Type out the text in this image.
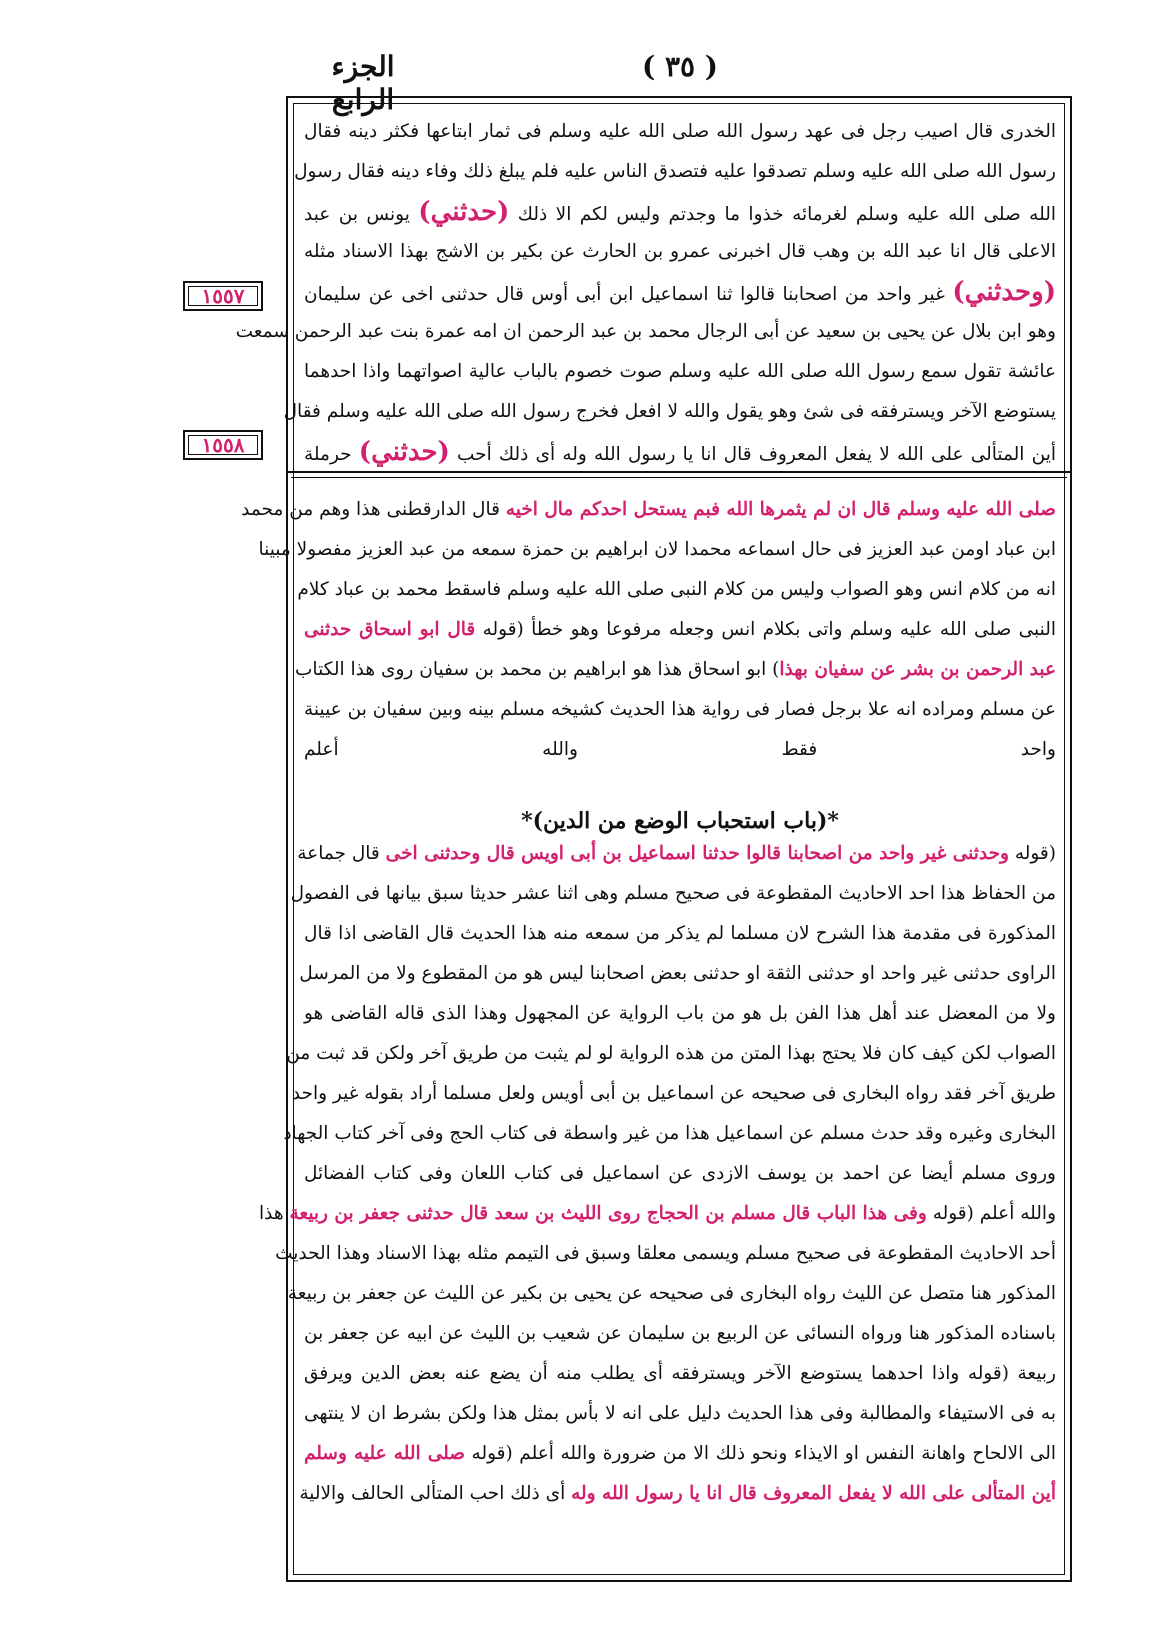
الجزء الرابع
( ٣٥ )
١٥٥٧
١٥٥٨
الخدرى قال اصيب رجل فى عهد رسول الله صلى الله عليه وسلم فى ثمار ابتاعها فكثر دينه فقال
رسول الله صلى الله عليه وسلم تصدقوا عليه فتصدق الناس عليه فلم يبلغ ذلك وفاء دينه فقال رسول
الله صلى الله عليه وسلم لغرمائه خذوا ما وجدتم وليس لكم الا ذلك (حدثني) يونس بن عبد
الاعلى قال انا عبد الله بن وهب قال اخبرنى عمرو بن الحارث عن بكير بن الاشج بهذا الاسناد مثله
(وحدثني) غير واحد من اصحابنا قالوا ثنا اسماعيل ابن أبى أوس قال حدثنى اخى عن سليمان
وهو ابن بلال عن يحيى بن سعيد عن أبى الرجال محمد بن عبد الرحمن ان امه عمرة بنت عبد الرحمن سمعت
عائشة تقول سمع رسول الله صلى الله عليه وسلم صوت خصوم بالباب عالية اصواتهما واذا احدهما
يستوضع الآخر ويسترفقه فى شئ وهو يقول والله لا افعل فخرج رسول الله صلى الله عليه وسلم فقال
أين المتألى على الله لا يفعل المعروف قال انا يا رسول الله وله أى ذلك أحب (حدثني) حرملة
صلى الله عليه وسلم قال ان لم يثمرها الله فبم يستحل احدكم مال اخيه قال الدارقطنى هذا وهم من محمد
ابن عباد اومن عبد العزيز فى حال اسماعه محمدا لان ابراهيم بن حمزة سمعه من عبد العزيز مفصولا مبينا
انه من كلام انس وهو الصواب وليس من كلام النبى صلى الله عليه وسلم فاسقط محمد بن عباد كلام
النبى صلى الله عليه وسلم واتى بكلام انس وجعله مرفوعا وهو خطأ (قوله قال ابو اسحاق حدثنى
عبد الرحمن بن بشر عن سفيان بهذا) ابو اسحاق هذا هو ابراهيم بن محمد بن سفيان روى هذا الكتاب
عن مسلم ومراده انه علا برجل فصار فى رواية هذا الحديث كشيخه مسلم بينه وبين سفيان بن عيينة
واحد فقط والله أعلم
*(باب استحباب الوضع من الدين)*
(قوله وحدثنى غير واحد من اصحابنا قالوا حدثنا اسماعيل بن أبى اويس قال وحدثنى اخى قال جماعة
من الحفاظ هذا احد الاحاديث المقطوعة فى صحيح مسلم وهى اثنا عشر حديثا سبق بيانها فى الفصول
المذكورة فى مقدمة هذا الشرح لان مسلما لم يذكر من سمعه منه هذا الحديث قال القاضى اذا قال
الراوى حدثنى غير واحد او حدثنى الثقة او حدثنى بعض اصحابنا ليس هو من المقطوع ولا من المرسل
ولا من المعضل عند أهل هذا الفن بل هو من باب الرواية عن المجهول وهذا الذى قاله القاضى هو
الصواب لكن كيف كان فلا يحتج بهذا المتن من هذه الرواية لو لم يثبت من طريق آخر ولكن قد ثبت من
طريق آخر فقد رواه البخارى فى صحيحه عن اسماعيل بن أبى أويس ولعل مسلما أراد بقوله غير واحد
البخارى وغيره وقد حدث مسلم عن اسماعيل هذا من غير واسطة فى كتاب الحج وفى آخر كتاب الجهاد
وروى مسلم أيضا عن احمد بن يوسف الازدى عن اسماعيل فى كتاب اللعان وفى كتاب الفضائل
والله أعلم (قوله وفى هذا الباب قال مسلم بن الحجاج روى الليث بن سعد قال حدثنى جعفر بن ربيعة هذا
أحد الاحاديث المقطوعة فى صحيح مسلم ويسمى معلقا وسبق فى التيمم مثله بهذا الاسناد وهذا الحديث
المذكور هنا متصل عن الليث رواه البخارى فى صحيحه عن يحيى بن بكير عن الليث عن جعفر بن ربيعة
باسناده المذكور هنا ورواه النسائى عن الربيع بن سليمان عن شعيب بن الليث عن ابيه عن جعفر بن
ربيعة (قوله واذا احدهما يستوضع الآخر ويسترفقه أى يطلب منه أن يضع عنه بعض الدين ويرفق
به فى الاستيفاء والمطالبة وفى هذا الحديث دليل على انه لا بأس بمثل هذا ولكن بشرط ان لا ينتهى
الى الالحاح واهانة النفس او الايذاء ونحو ذلك الا من ضرورة والله أعلم (قوله صلى الله عليه وسلم
أين المتألى على الله لا يفعل المعروف قال انا يا رسول الله وله أى ذلك احب المتألى الحالف والالية
